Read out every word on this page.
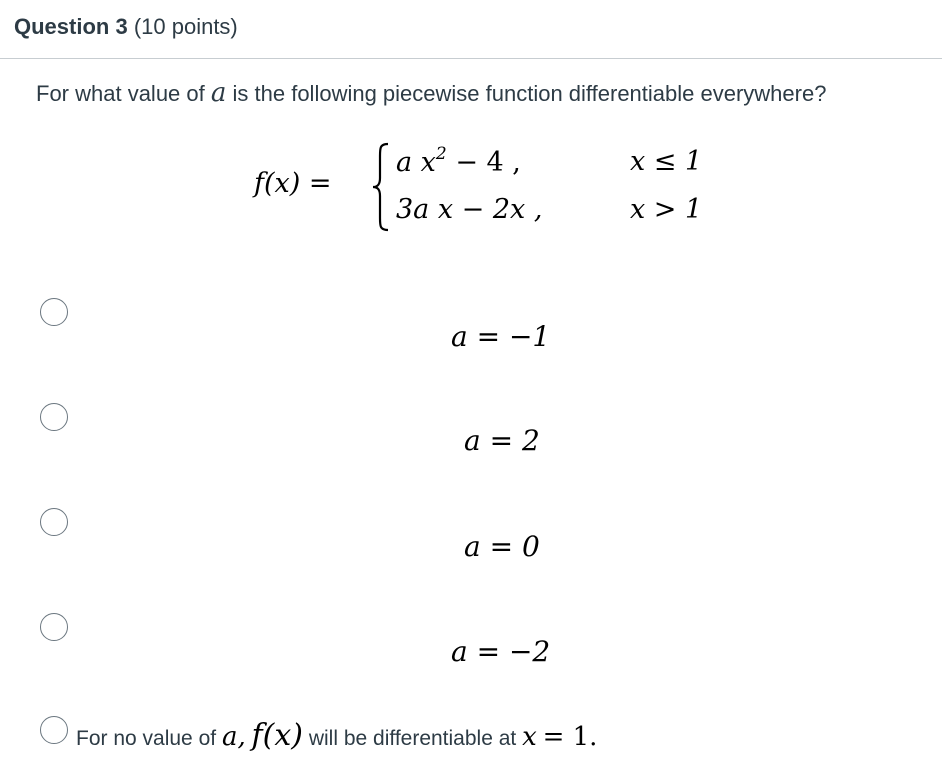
Question 3 (10 points)
For what value of a is the following piecewise function differentiable everywhere?
f(x) =
a $x^2 - 4$ ,	x ≤ 1
3a x − 2x ,	x > 1
a = −1
a = 2
a = 0
a = −2
For no value of a, f(x) will be differentiable at x = 1.
